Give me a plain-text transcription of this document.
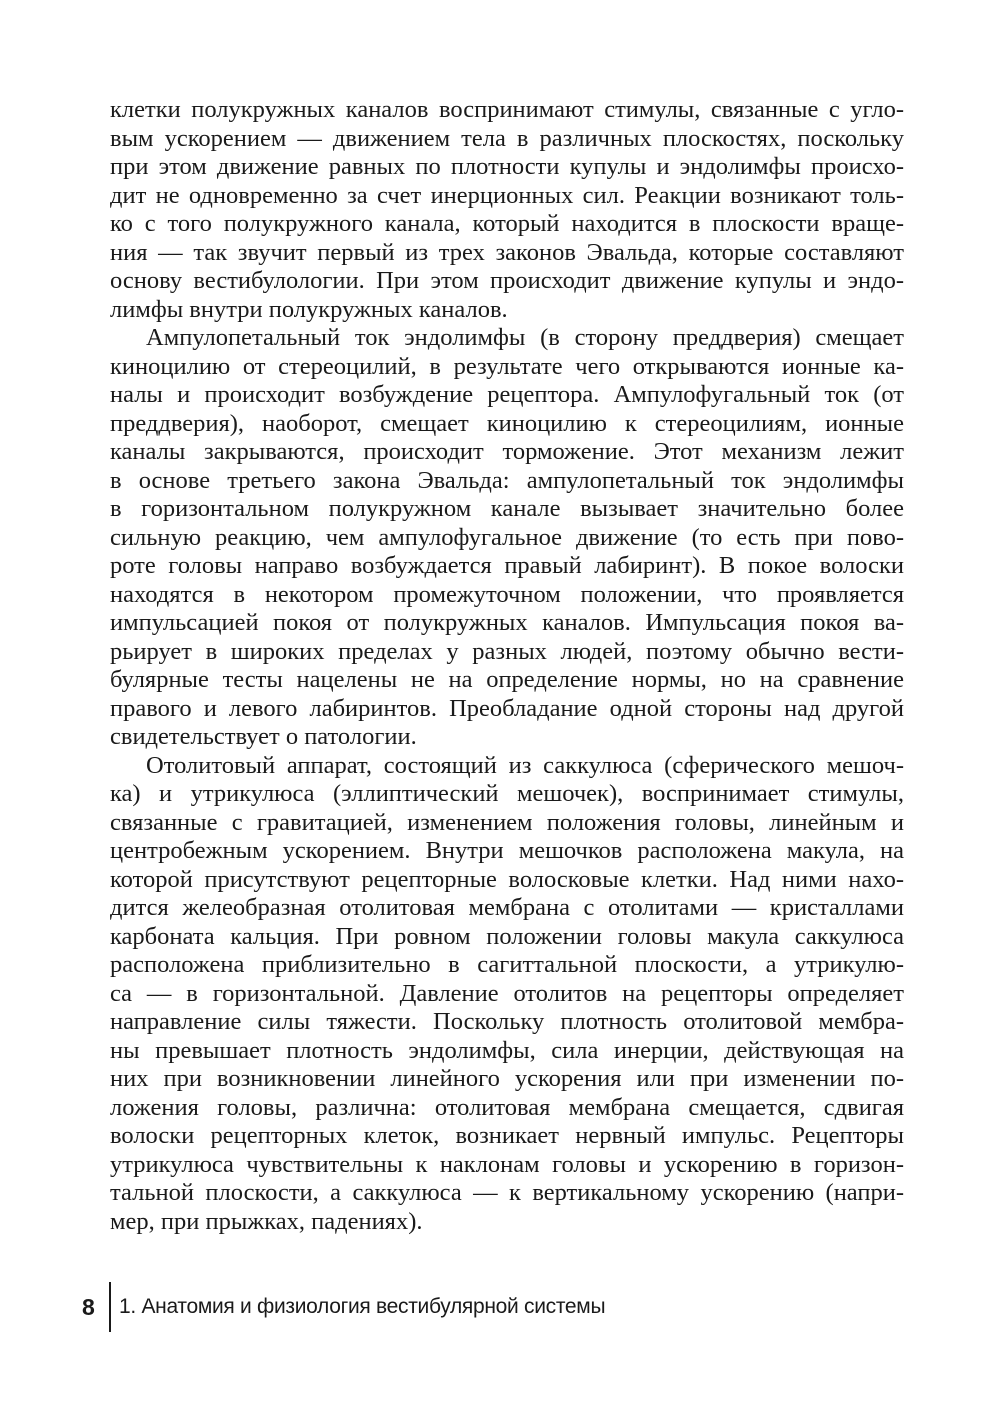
клетки полукружных каналов воспринимают стимулы, связанные с угло-
вым ускорением — движением тела в различных плоскостях, поскольку
при этом движение равных по плотности купулы и эндолимфы происхо-
дит не одновременно за счет инерционных сил. Реакции возникают толь-
ко с того полукружного канала, который находится в плоскости враще-
ния — так звучит первый из трех законов Эвальда, которые составляют
основу вестибулологии. При этом происходит движение купулы и эндо-
лимфы внутри полукружных каналов.
Ампулопетальный ток эндолимфы (в сторону преддверия) смещает
киноцилию от стереоцилий, в результате чего открываются ионные ка-
налы и происходит возбуждение рецептора. Ампулофугальный ток (от
преддверия), наоборот, смещает киноцилию к стереоцилиям, ионные
каналы закрываются, происходит торможение. Этот механизм лежит
в основе третьего закона Эвальда: ампулопетальный ток эндолимфы
в горизонтальном полукружном канале вызывает значительно более
сильную реакцию, чем ампулофугальное движение (то есть при пово-
роте головы направо возбуждается правый лабиринт). В покое волоски
находятся в некотором промежуточном положении, что проявляется
импульсацией покоя от полукружных каналов. Импульсация покоя ва-
рьирует в широких пределах у разных людей, поэтому обычно вести-
булярные тесты нацелены не на определение нормы, но на сравнение
правого и левого лабиринтов. Преобладание одной стороны над другой
свидетельствует о патологии.
Отолитовый аппарат, состоящий из саккулюса (сферического мешоч-
ка) и утрикулюса (эллиптический мешочек), воспринимает стимулы,
связанные с гравитацией, изменением положения головы, линейным и
центробежным ускорением. Внутри мешочков расположена макула, на
которой присутствуют рецепторные волосковые клетки. Над ними нахо-
дится желеобразная отолитовая мембрана с отолитами — кристаллами
карбоната кальция. При ровном положении головы макула саккулюса
расположена приблизительно в сагиттальной плоскости, а утрикулю-
са — в горизонтальной. Давление отолитов на рецепторы определяет
направление силы тяжести. Поскольку плотность отолитовой мембра-
ны превышает плотность эндолимфы, сила инерции, действующая на
них при возникновении линейного ускорения или при изменении по-
ложения головы, различна: отолитовая мембрана смещается, сдвигая
волоски рецепторных клеток, возникает нервный импульс. Рецепторы
утрикулюса чувствительны к наклонам головы и ускорению в горизон-
тальной плоскости, а саккулюса — к вертикальному ускорению (напри-
мер, при прыжках, падениях).
8 1. Анатомия и физиология вестибулярной системы
